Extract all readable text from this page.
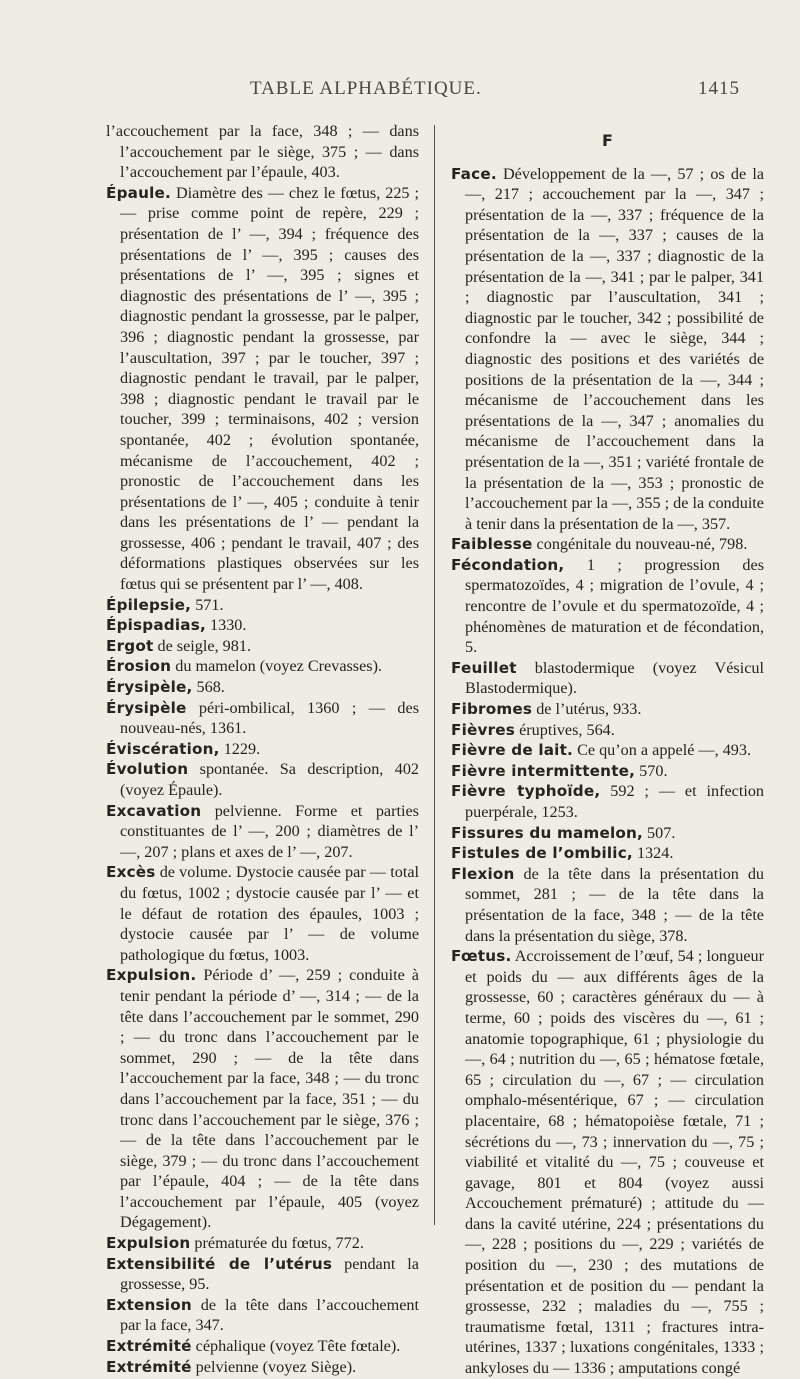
TABLE ALPHABÉTIQUE.	1415

l’accouchement par la face, 348 ; — dans l’accouchement par le siège, 375 ; — dans l’accouchement par l’épaule, 403.

Épaule. Diamètre des — chez le fœtus, 225 ; — prise comme point de repère, 229 ; présentation de l’ —, 394 ; fréquence des présentations de l’ —, 395 ; causes des présentations de l’ —, 395 ; signes et diagnostic des présentations de l’ —, 395 ; diagnostic pendant la grossesse, par le palper, 396 ; diagnostic pendant la grossesse, par l’auscultation, 397 ; par le toucher, 397 ; diagnostic pendant le travail, par le palper, 398 ; diagnostic pendant le travail par le toucher, 399 ; terminaisons, 402 ; version spontanée, 402 ; évolution spontanée, mécanisme de l’accouchement, 402 ; pronostic de l’accouchement dans les présentations de l’ —, 405 ; conduite à tenir dans les présentations de l’ — pendant la grossesse, 406 ; pendant le travail, 407 ; des déformations plastiques observées sur les fœtus qui se présentent par l’ —, 408.

Épilepsie, 571.

Épispadias, 1330.

Ergot de seigle, 981.

Érosion du mamelon (voyez Crevasses).

Érysipèle, 568.

Érysipèle péri-ombilical, 1360 ; — des nouveau-nés, 1361.

Éviscération, 1229.

Évolution spontanée. Sa description, 402 (voyez Épaule).

Excavation pelvienne. Forme et parties constituantes de l’ —, 200 ; diamètres de l’ —, 207 ; plans et axes de l’ —, 207.

Excès de volume. Dystocie causée par — total du fœtus, 1002 ; dystocie causée par l’ — et le défaut de rotation des épaules, 1003 ; dystocie causée par l’ — de volume pathologique du fœtus, 1003.

Expulsion. Période d’ —, 259 ; conduite à tenir pendant la période d’ —, 314 ; — de la tête dans l’accouchement par le sommet, 290 ; — du tronc dans l’accouchement par le sommet, 290 ; — de la tête dans l’accouchement par la face, 348 ; — du tronc dans l’accouchement par la face, 351 ; — du tronc dans l’accouchement par le siège, 376 ; — de la tête dans l’accouchement par le siège, 379 ; — du tronc dans l’accouchement par l’épaule, 404 ; — de la tête dans l’accouchement par l’épaule, 405 (voyez Dégagement).

Expulsion prématurée du fœtus, 772.

Extensibilité de l’utérus pendant la grossesse, 95.

Extension de la tête dans l’accouchement par la face, 347.

Extrémité céphalique (voyez Tête fœtale).

Extrémité pelvienne (voyez Siège).

F

Face. Développement de la —, 57 ; os de la —, 217 ; accouchement par la —, 347 ; présentation de la —, 337 ; fréquence de la présentation de la —, 337 ; causes de la présentation de la —, 337 ; diagnostic de la présentation de la —, 341 ; par le palper, 341 ; diagnostic par l’auscultation, 341 ; diagnostic par le toucher, 342 ; possibilité de confondre la — avec le siège, 344 ; diagnostic des positions et des variétés de positions de la présentation de la —, 344 ; mécanisme de l’accouchement dans les présentations de la —, 347 ; anomalies du mécanisme de l’accouchement dans la présentation de la —, 351 ; variété frontale de la présentation de la —, 353 ; pronostic de l’accouchement par la —, 355 ; de la conduite à tenir dans la présentation de la —, 357.

Faiblesse congénitale du nouveau-né, 798.

Fécondation, 1 ; progression des spermatozoïdes, 4 ; migration de l’ovule, 4 ; rencontre de l’ovule et du spermatozoïde, 4 ; phénomènes de maturation et de fécondation, 5.

Feuillet blastodermique (voyez Vésicul Blastodermique).

Fibromes de l’utérus, 933.

Fièvres éruptives, 564.

Fièvre de lait. Ce qu’on a appelé —, 493.

Fièvre intermittente, 570.

Fièvre typhoïde, 592 ; — et infection puerpérale, 1253.

Fissures du mamelon, 507.

Fistules de l’ombilic, 1324.

Flexion de la tête dans la présentation du sommet, 281 ; — de la tête dans la présentation de la face, 348 ; — de la tête dans la présentation du siège, 378.

Fœtus. Accroissement de l’œuf, 54 ; longueur et poids du — aux différents âges de la grossesse, 60 ; caractères généraux du — à terme, 60 ; poids des viscères du —, 61 ; anatomie topographique, 61 ; physiologie du —, 64 ; nutrition du —, 65 ; hématose fœtale, 65 ; circulation du —, 67 ; — circulation omphalo-mésentérique, 67 ; — circulation placentaire, 68 ; hématopoièse fœtale, 71 ; sécrétions du —, 73 ; innervation du —, 75 ; viabilité et vitalité du —, 75 ; couveuse et gavage, 801 et 804 (voyez aussi Accouchement prématuré) ; attitude du — dans la cavité utérine, 224 ; présentations du —, 228 ; positions du —, 229 ; variétés de position du —, 230 ; des mutations de présentation et de position du — pendant la grossesse, 232 ; maladies du —, 755 ; traumatisme fœtal, 1311 ; fractures intra-utérines, 1337 ; luxations congénitales, 1333 ; ankyloses du — 1336 ; amputations congé
